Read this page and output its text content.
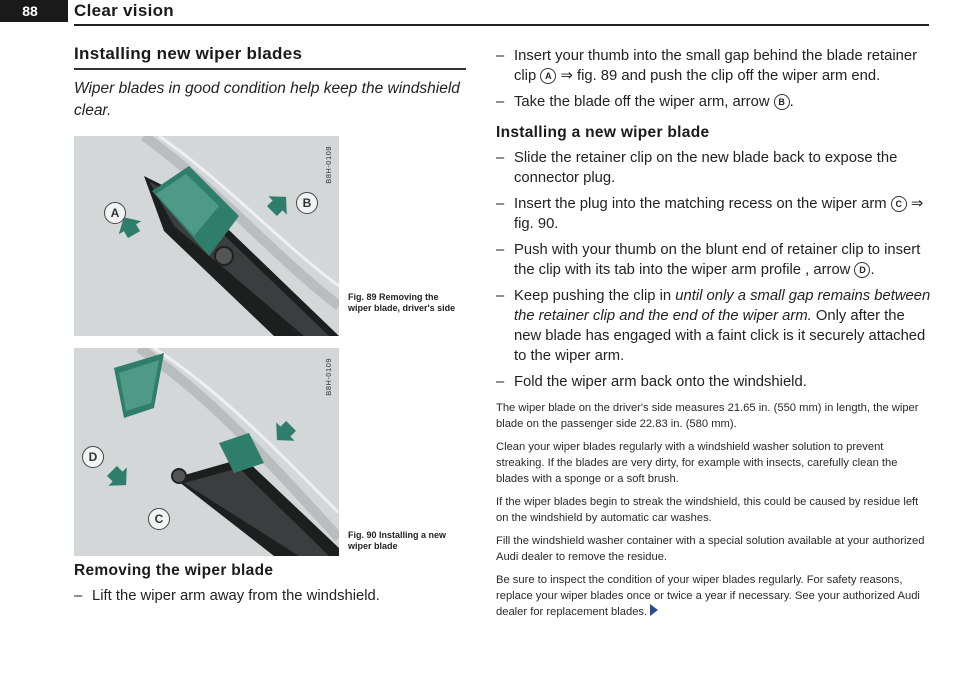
88	Clear vision
Installing new wiper blades

Wiper blades in good condition help keep the windshield clear.

A
B
B8H-0108
Fig. 89 Removing the wiper blade, driver's side
D
C
B8H-0109
Fig. 90 Installing a new wiper blade
Removing the wiper blade

– Lift the wiper arm away from the windshield.

– Insert your thumb into the small gap behind the blade retainer clip A ⇒ fig. 89 and push the clip off the wiper arm end.

– Take the blade off the wiper arm, arrow B .

Installing a new wiper blade

– Slide the retainer clip on the new blade back to expose the connector plug.

– Insert the plug into the matching recess on the wiper arm C ⇒ fig. 90.

– Push with your thumb on the blunt end of retainer clip to insert the clip with its tab into the wiper arm profile , arrow D .

– Keep pushing the clip in until only a small gap remains between the retainer clip and the end of the wiper arm. Only after the new blade has engaged with a faint click is it securely attached to the wiper arm.

– Fold the wiper arm back onto the windshield.

The wiper blade on the driver's side measures 21.65 in. (550 mm) in length, the wiper blade on the passenger side 22.83 in. (580 mm).

Clean your wiper blades regularly with a windshield washer solution to prevent streaking. If the blades are very dirty, for example with insects, carefully clean the blades with a sponge or a soft brush.

If the wiper blades begin to streak the windshield, this could be caused by residue left on the windshield by automatic car washes.

Fill the windshield washer container with a special solution available at your authorized Audi dealer to remove the residue.

Be sure to inspect the condition of your wiper blades regularly. For safety reasons, replace your wiper blades once or twice a year if necessary. See your authorized Audi dealer for replacement blades.
